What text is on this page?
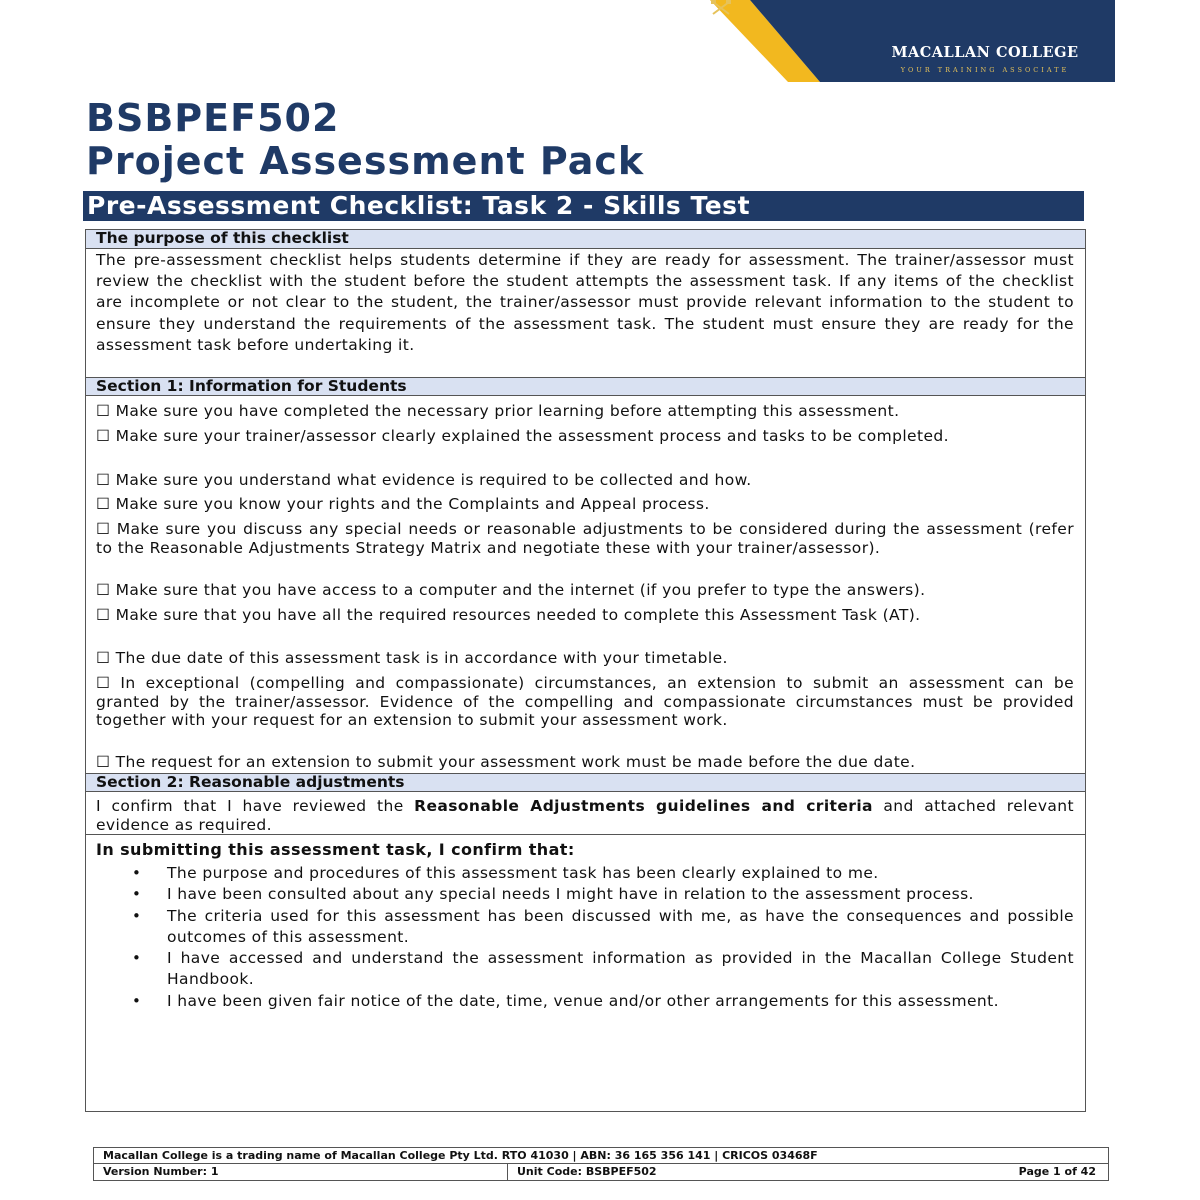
MACALLAN COLLEGE
YOUR TRAINING ASSOCIATE
BSBPEF502
Project Assessment Pack
Pre-Assessment Checklist: Task 2 - Skills Test
The purpose of this checklist

The pre-assessment checklist helps students determine if they are ready for assessment. The trainer/assessor must review the checklist with the student before the student attempts the assessment task. If any items of the checklist are incomplete or not clear to the student, the trainer/assessor must provide relevant information to the student to ensure they understand the requirements of the assessment task. The student must ensure they are ready for the assessment task before undertaking it.

Section 1: Information for Students

☐ Make sure you have completed the necessary prior learning before attempting this assessment.

☐ Make sure your trainer/assessor clearly explained the assessment process and tasks to be completed.

☐ Make sure you understand what evidence is required to be collected and how.

☐ Make sure you know your rights and the Complaints and Appeal process.

☐ Make sure you discuss any special needs or reasonable adjustments to be considered during the assessment (refer to the Reasonable Adjustments Strategy Matrix and negotiate these with your trainer/assessor).

☐ Make sure that you have access to a computer and the internet (if you prefer to type the answers).

☐ Make sure that you have all the required resources needed to complete this Assessment Task (AT).

☐ The due date of this assessment task is in accordance with your timetable.

☐ In exceptional (compelling and compassionate) circumstances, an extension to submit an assessment can be granted by the trainer/assessor. Evidence of the compelling and compassionate circumstances must be provided together with your request for an extension to submit your assessment work.

☐ The request for an extension to submit your assessment work must be made before the due date.

Section 2: Reasonable adjustments

I confirm that I have reviewed the Reasonable Adjustments guidelines and criteria and attached relevant evidence as required.

In submitting this assessment task, I confirm that:
• The purpose and procedures of this assessment task has been clearly explained to me.
• I have been consulted about any special needs I might have in relation to the assessment process.
• The criteria used for this assessment has been discussed with me, as have the consequences and possible outcomes of this assessment.
• I have accessed and understand the assessment information as provided in the Macallan College Student Handbook.
• I have been given fair notice of the date, time, venue and/or other arrangements for this assessment.
Macallan College is a trading name of Macallan College Pty Ltd. RTO 41030 | ABN: 36 165 356 141 | CRICOS 03468F
Version Number: 1	Unit Code: BSBPEF502	Page 1 of 42
